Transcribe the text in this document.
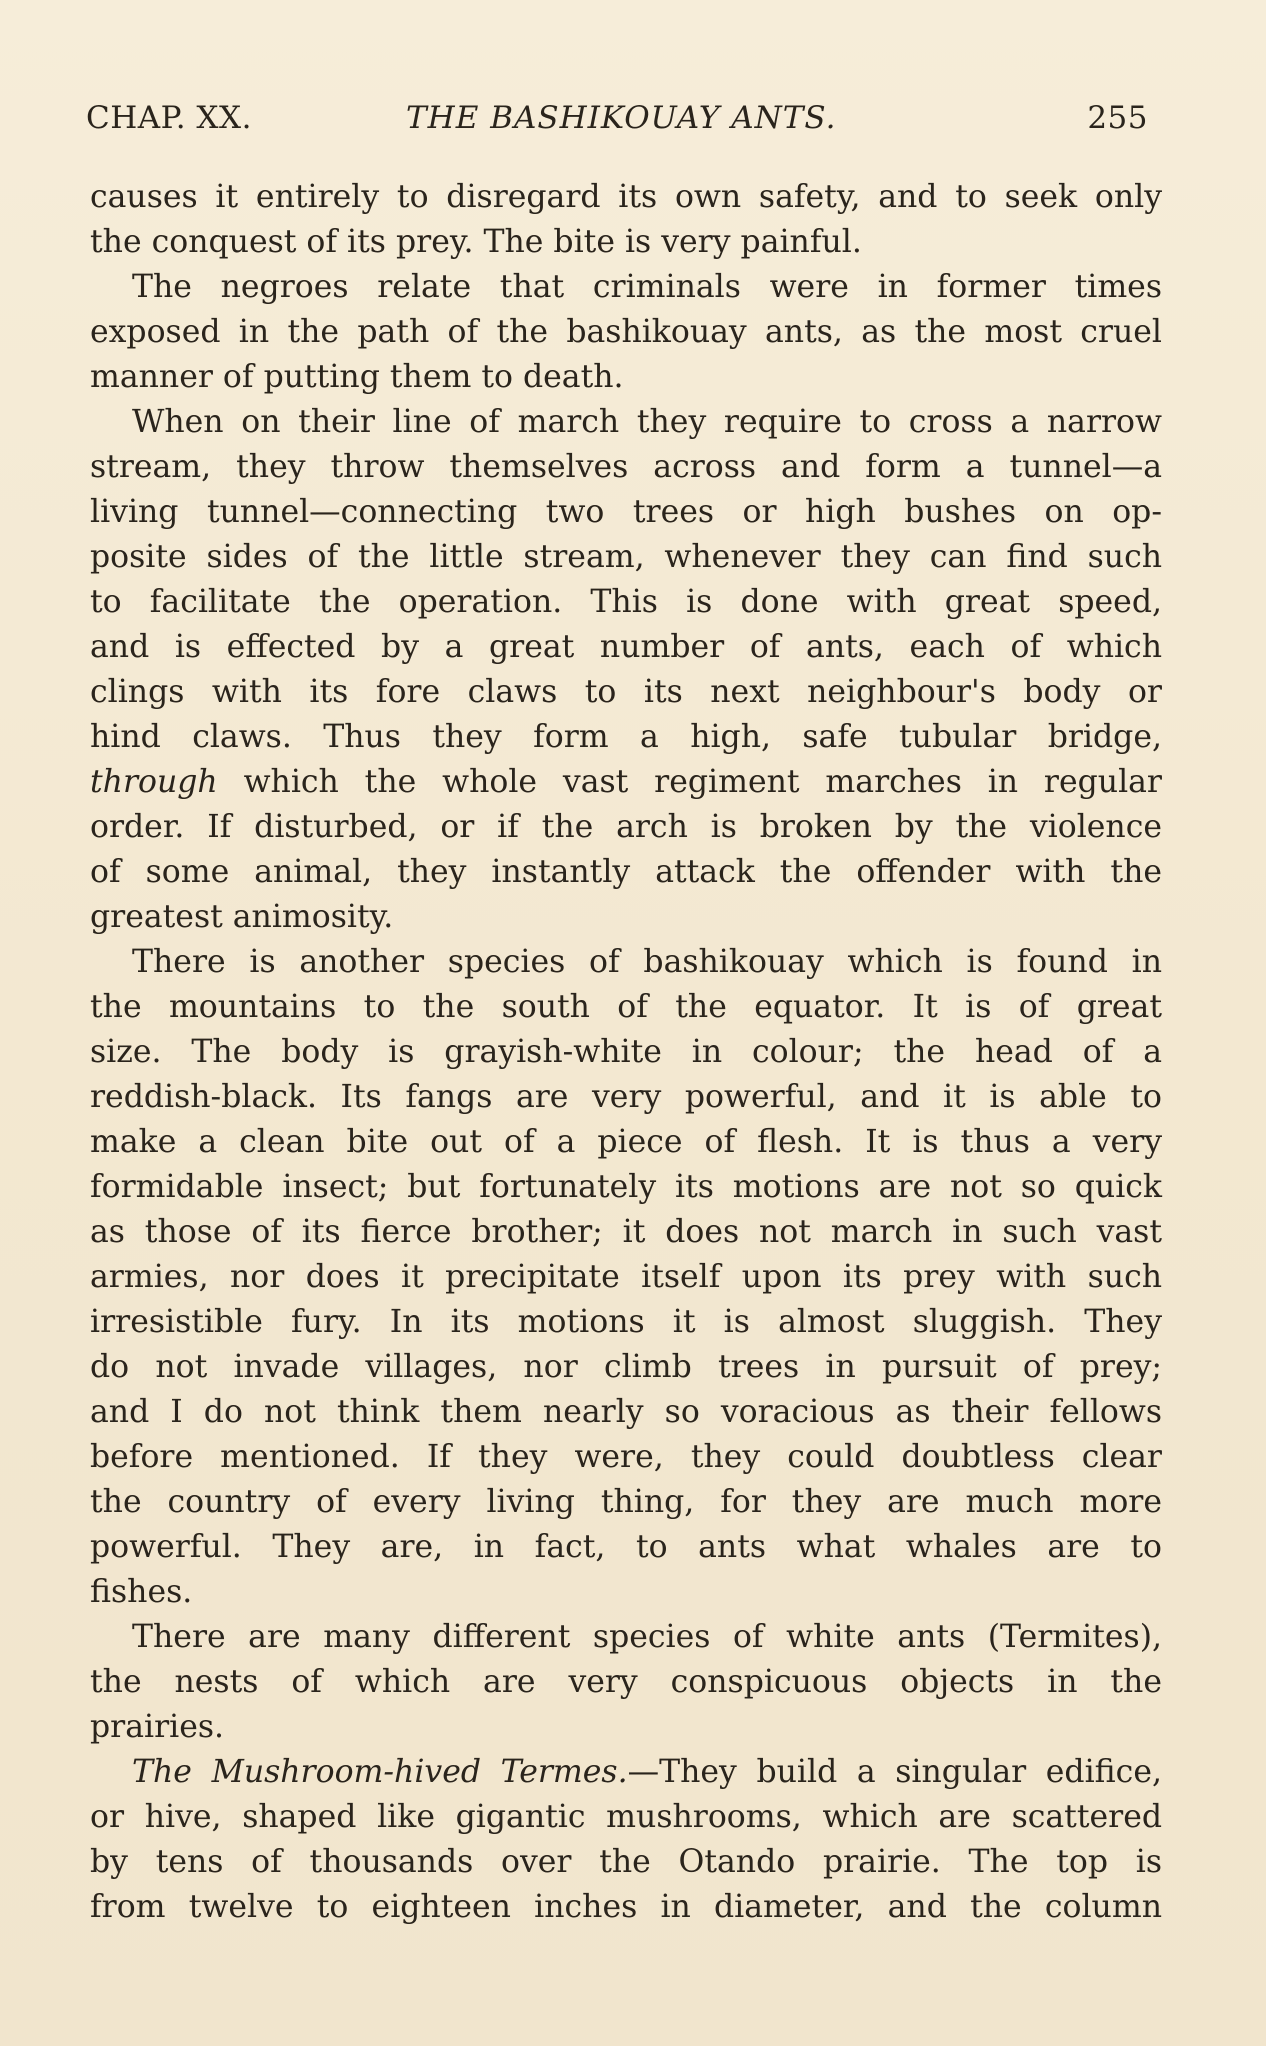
CHAP. XX.	THE BASHIKOUAY ANTS.	255
causes it entirely to disregard its own safety, and to seek only
the conquest of its prey. The bite is very painful.
The negroes relate that criminals were in former times
exposed in the path of the bashikouay ants, as the most cruel
manner of putting them to death.
When on their line of march they require to cross a narrow
stream, they throw themselves across and form a tunnel—a
living tunnel—connecting two trees or high bushes on op-
posite sides of the little stream, whenever they can find such
to facilitate the operation. This is done with great speed,
and is effected by a great number of ants, each of which
clings with its fore claws to its next neighbour's body or
hind claws. Thus they form a high, safe tubular bridge,
through which the whole vast regiment marches in regular
order. If disturbed, or if the arch is broken by the violence
of some animal, they instantly attack the offender with the
greatest animosity.
There is another species of bashikouay which is found in
the mountains to the south of the equator. It is of great
size. The body is grayish-white in colour; the head of a
reddish-black. Its fangs are very powerful, and it is able to
make a clean bite out of a piece of flesh. It is thus a very
formidable insect; but fortunately its motions are not so quick
as those of its fierce brother; it does not march in such vast
armies, nor does it precipitate itself upon its prey with such
irresistible fury. In its motions it is almost sluggish. They
do not invade villages, nor climb trees in pursuit of prey;
and I do not think them nearly so voracious as their fellows
before mentioned. If they were, they could doubtless clear
the country of every living thing, for they are much more
powerful. They are, in fact, to ants what whales are to
fishes.
There are many different species of white ants (Termites),
the nests of which are very conspicuous objects in the
prairies.
The Mushroom-hived Termes.—They build a singular edifice,
or hive, shaped like gigantic mushrooms, which are scattered
by tens of thousands over the Otando prairie. The top is
from twelve to eighteen inches in diameter, and the column
